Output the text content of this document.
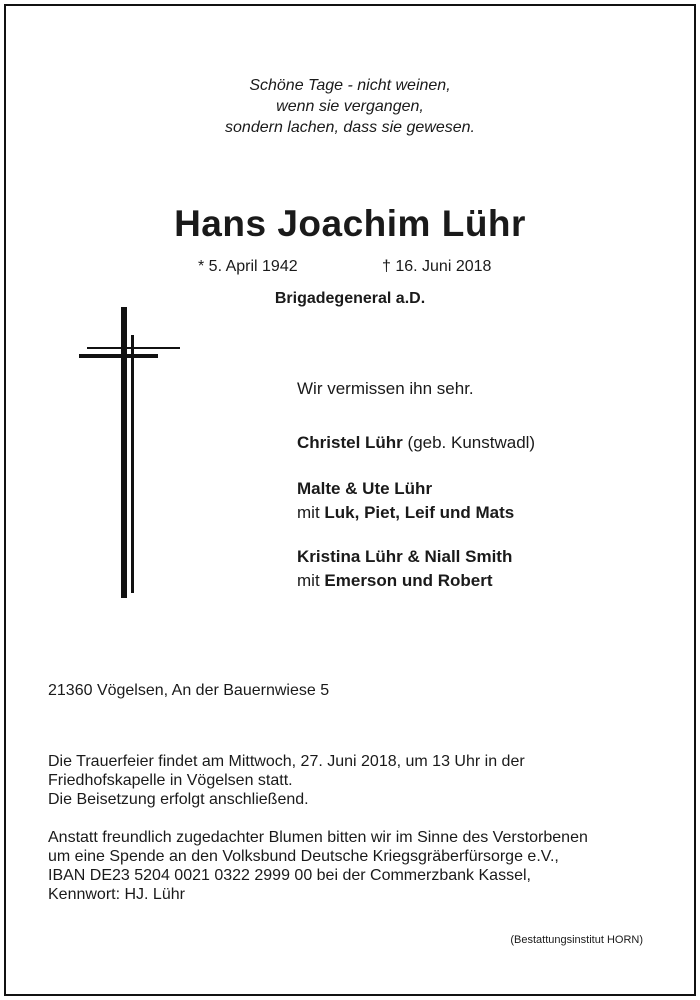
Schöne Tage - nicht weinen,
wenn sie vergangen,
sondern lachen, dass sie gewesen.
Hans Joachim Lühr
* 5. April 1942	† 16. Juni 2018
Brigadegeneral a.D.
Wir vermissen ihn sehr.
Christel Lühr (geb. Kunstwadl)
Malte & Ute Lühr
mit Luk, Piet, Leif und Mats
Kristina Lühr & Niall Smith
mit Emerson und Robert
21360 Vögelsen, An der Bauernwiese 5
Die Trauerfeier findet am Mittwoch, 27. Juni 2018, um 13 Uhr in der
Friedhofskapelle in Vögelsen statt.
Die Beisetzung erfolgt anschließend.
Anstatt freundlich zugedachter Blumen bitten wir im Sinne des Verstorbenen
um eine Spende an den Volksbund Deutsche Kriegsgräberfürsorge e.V.,
IBAN DE23 5204 0021 0322 2999 00 bei der Commerzbank Kassel,
Kennwort: HJ. Lühr
(Bestattungsinstitut HORN)
